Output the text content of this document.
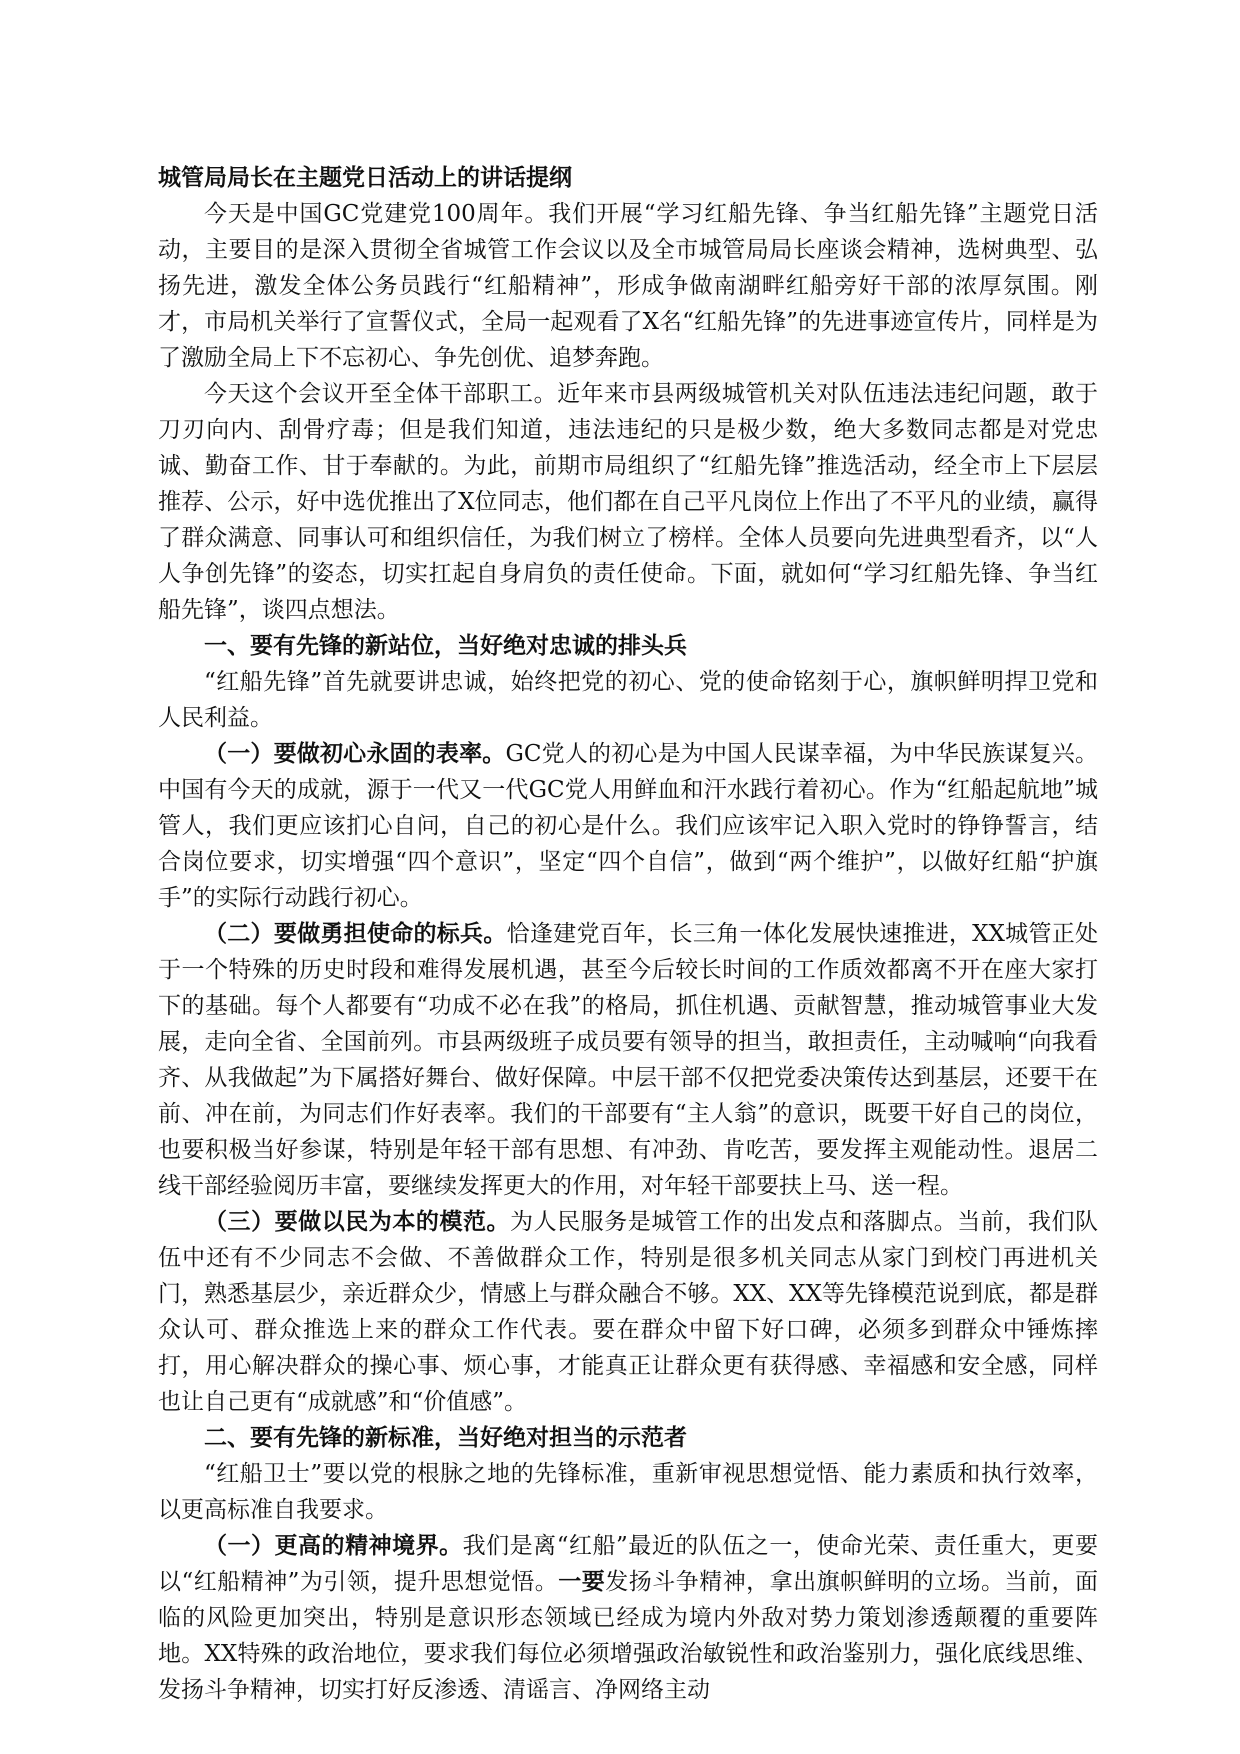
城管局局长在主题党日活动上的讲话提纲

今天是中国GC党建党100周年。我们开展“学习红船先锋、争当红船先锋”主题党日活动，主要目的是深入贯彻全省城管工作会议以及全市城管局局长座谈会精神，选树典型、弘扬先进，激发全体公务员践行“红船精神”，形成争做南湖畔红船旁好干部的浓厚氛围。刚才，市局机关举行了宣誓仪式，全局一起观看了X名“红船先锋”的先进事迹宣传片，同样是为了激励全局上下不忘初心、争先创优、追梦奔跑。

今天这个会议开至全体干部职工。近年来市县两级城管机关对队伍违法违纪问题，敢于刀刃向内、刮骨疗毒；但是我们知道，违法违纪的只是极少数，绝大多数同志都是对党忠诚、勤奋工作、甘于奉献的。为此，前期市局组织了“红船先锋”推选活动，经全市上下层层推荐、公示，好中选优推出了X位同志，他们都在自己平凡岗位上作出了不平凡的业绩，赢得了群众满意、同事认可和组织信任，为我们树立了榜样。全体人员要向先进典型看齐，以“人人争创先锋”的姿态，切实扛起自身肩负的责任使命。下面，就如何“学习红船先锋、争当红船先锋”，谈四点想法。

一、要有先锋的新站位，当好绝对忠诚的排头兵

“红船先锋”首先就要讲忠诚，始终把党的初心、党的使命铭刻于心，旗帜鲜明捍卫党和人民利益。

（一）要做初心永固的表率。GC党人的初心是为中国人民谋幸福，为中华民族谋复兴。中国有今天的成就，源于一代又一代GC党人用鲜血和汗水践行着初心。作为“红船起航地”城管人，我们更应该扪心自问，自己的初心是什么。我们应该牢记入职入党时的铮铮誓言，结合岗位要求，切实增强“四个意识”，坚定“四个自信”，做到“两个维护”，以做好红船“护旗手”的实际行动践行初心。

（二）要做勇担使命的标兵。恰逢建党百年，长三角一体化发展快速推进，XX城管正处于一个特殊的历史时段和难得发展机遇，甚至今后较长时间的工作质效都离不开在座大家打下的基础。每个人都要有“功成不必在我”的格局，抓住机遇、贡献智慧，推动城管事业大发展，走向全省、全国前列。市县两级班子成员要有领导的担当，敢担责任，主动喊响“向我看齐、从我做起”为下属搭好舞台、做好保障。中层干部不仅把党委决策传达到基层，还要干在前、冲在前，为同志们作好表率。我们的干部要有“主人翁”的意识，既要干好自己的岗位，也要积极当好参谋，特别是年轻干部有思想、有冲劲、肯吃苦，要发挥主观能动性。退居二线干部经验阅历丰富，要继续发挥更大的作用，对年轻干部要扶上马、送一程。

（三）要做以民为本的模范。为人民服务是城管工作的出发点和落脚点。当前，我们队伍中还有不少同志不会做、不善做群众工作，特别是很多机关同志从家门到校门再进机关门，熟悉基层少，亲近群众少，情感上与群众融合不够。XX、XX等先锋模范说到底，都是群众认可、群众推选上来的群众工作代表。要在群众中留下好口碑，必须多到群众中锤炼摔打，用心解决群众的操心事、烦心事，才能真正让群众更有获得感、幸福感和安全感，同样也让自己更有“成就感”和“价值感”。

二、要有先锋的新标准，当好绝对担当的示范者

“红船卫士”要以党的根脉之地的先锋标准，重新审视思想觉悟、能力素质和执行效率，以更高标准自我要求。

（一）更高的精神境界。我们是离“红船”最近的队伍之一，使命光荣、责任重大，更要以“红船精神”为引领，提升思想觉悟。一要发扬斗争精神，拿出旗帜鲜明的立场。当前，面临的风险更加突出，特别是意识形态领域已经成为境内外敌对势力策划渗透颠覆的重要阵地。XX特殊的政治地位，要求我们每位必须增强政治敏锐性和政治鉴别力，强化底线思维、发扬斗争精神，切实打好反渗透、清谣言、净网络主动
